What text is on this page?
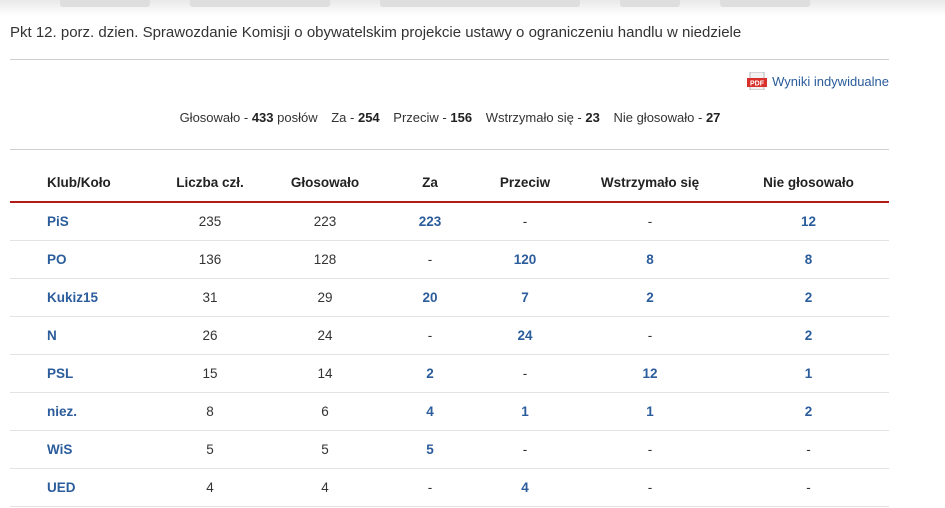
Pkt 12. porz. dzien. Sprawozdanie Komisji o obywatelskim projekcie ustawy o ograniczeniu handlu w niedziele
PDF Wyniki indywidualne
Głosowało - 433 posłów Za - 254 Przeciw - 156 Wstrzymało się - 23 Nie głosowało - 27
Klub/Koło	Liczba czł.	Głosowało	Za	Przeciw	Wstrzymało się	Nie głosowało
PiS	235	223	223	-	-	12
PO	136	128	-	120	8	8
Kukiz15	31	29	20	7	2	2
N	26	24	-	24	-	2
PSL	15	14	2	-	12	1
niez.	8	6	4	1	1	2
WiS	5	5	5	-	-	-
UED	4	4	-	4	-	-
